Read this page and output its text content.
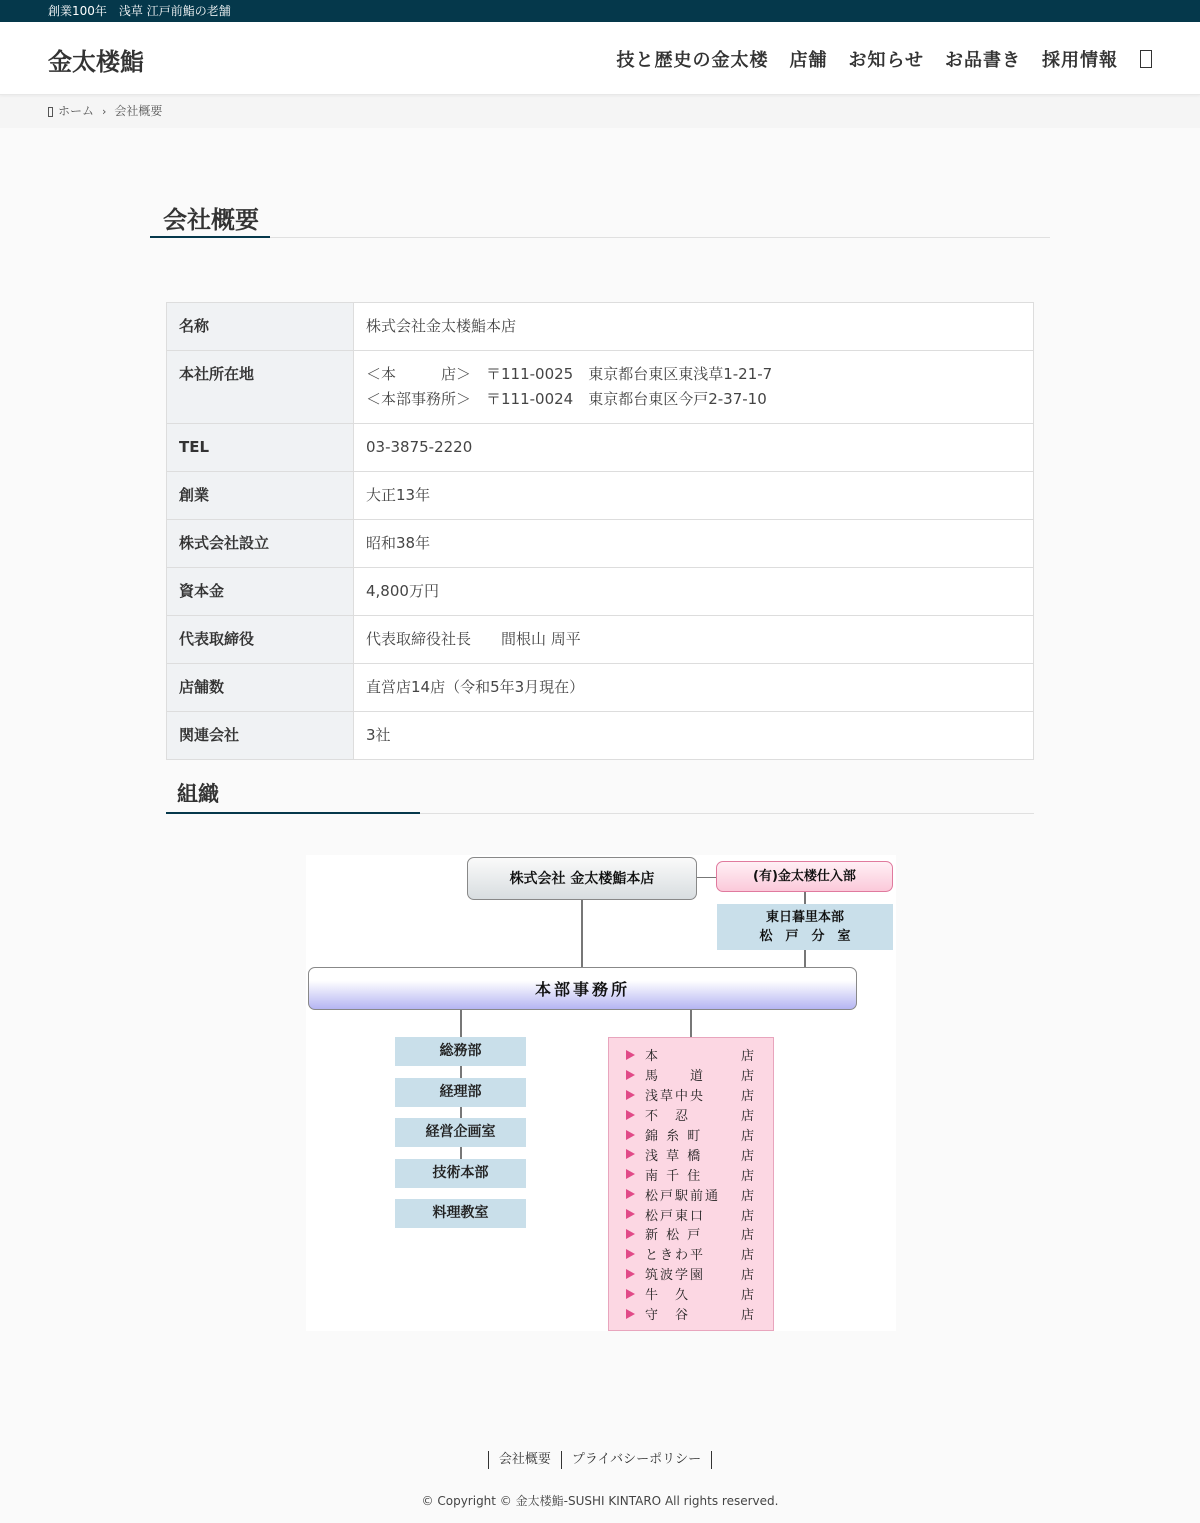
創業100年　浅草 江戸前鮨の老舗
金太楼鮨	技と歴史の金太楼 店舗 お知らせ お品書き 採用情報
ホーム › 会社概要
会社概要
名称	株式会社金太楼鮨本店
本社所在地	＜本　　　店＞　〒111-0025　東京都台東区東浅草1-21-7
＜本部事務所＞　〒111-0024　東京都台東区今戸2-37-10
TEL	03-3875-2220
創業	大正13年
株式会社設立	昭和38年
資本金	4,800万円
代表取締役	代表取締役社長　　間根山 周平
店舗数	直営店14店（令和5年3月現在）
関連会社	3社
組織
株式会社 金太楼鮨本店	(有)金太楼仕入部
東日暮里本部
松　戸　分　室
本部事務所
総務部
経理部
経営企画室
技術本部
料理教室
本	店
馬　　道	店
浅草中央	店
不　忍	店
錦 糸 町	店
浅 草 橋	店
南 千 住	店
松戸駅前通	店
松戸東口	店
新 松 戸	店
ときわ平	店
筑波学園	店
牛　久	店
守　谷	店
会社概要 プライバシーポリシー
© Copyright © 金太楼鮨-SUSHI KINTARO All rights reserved.
